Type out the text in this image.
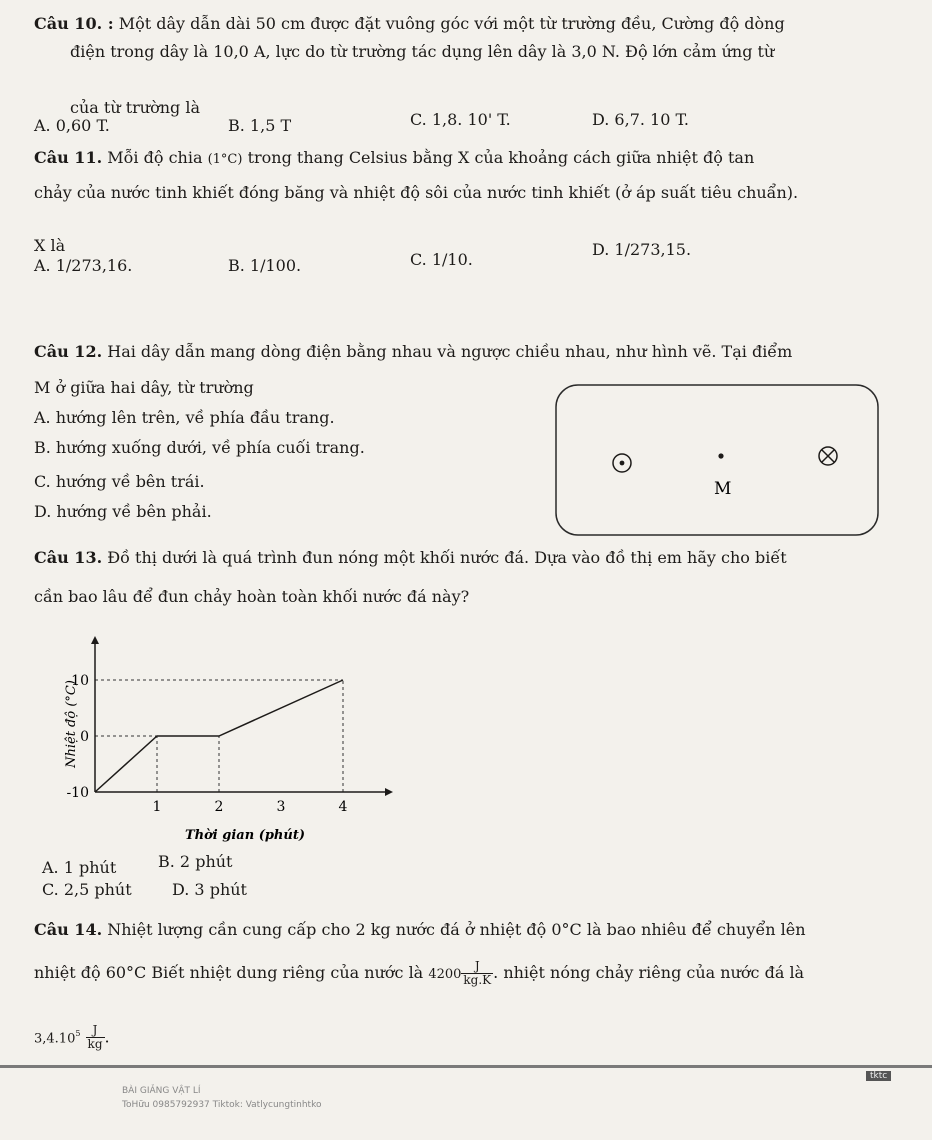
Câu 10. : Một dây dẫn dài 50 cm được đặt vuông góc với một từ trường đều, Cường độ dòng
điện trong dây là 10,0 A, lực do từ trường tác dụng lên dây là 3,0 N. Độ lớn cảm ứng từ
của từ trường là
A. 0,60 T.	B. 1,5 T	C. 1,8. 10' T.	D. 6,7. 10 T.
Câu 11. Mỗi độ chia (1°C) trong thang Celsius bằng X của khoảng cách giữa nhiệt độ tan
chảy của nước tinh khiết đóng băng và nhiệt độ sôi của nước tinh khiết (ở áp suất tiêu chuẩn).
X là
A. 1/273,16.	B. 1/100.	C. 1/10.
D. 1/273,15.
Câu 12. Hai dây dẫn mang dòng điện bằng nhau và ngược chiều nhau, như hình vẽ. Tại điểm
M ở giữa hai dây, từ trường
A. hướng lên trên, về phía đầu trang.
B. hướng xuống dưới, về phía cuối trang.
C. hướng về bên trái.
D. hướng về bên phải.
M
Câu 13. Đồ thị dưới là quá trình đun nóng một khối nước đá. Dựa vào đồ thị em hãy cho biết
cần bao lâu để đun chảy hoàn toàn khối nước đá này?
-10
0
10
1	2	3	4
Nhiệt độ (°C)
Thời gian (phút)
A. 1 phút	B. 2 phút
C. 2,5 phút	D. 3 phút
Câu 14. Nhiệt lượng cần cung cấp cho 2 kg nước đá ở nhiệt độ 0°C là bao nhiêu để chuyển lên
nhiệt độ 60°C Biết nhiệt dung riêng của nước là $4200 \frac{J}{kg.K}$ . nhiệt nóng chảy riêng của nước đá là
$3,4.10^5 \frac{J}{kg}$ .
tktc
BÀI GIẢNG VẬT LÍ
ToHữu 0985792937 Tiktok: Vatlycungtinhtko
